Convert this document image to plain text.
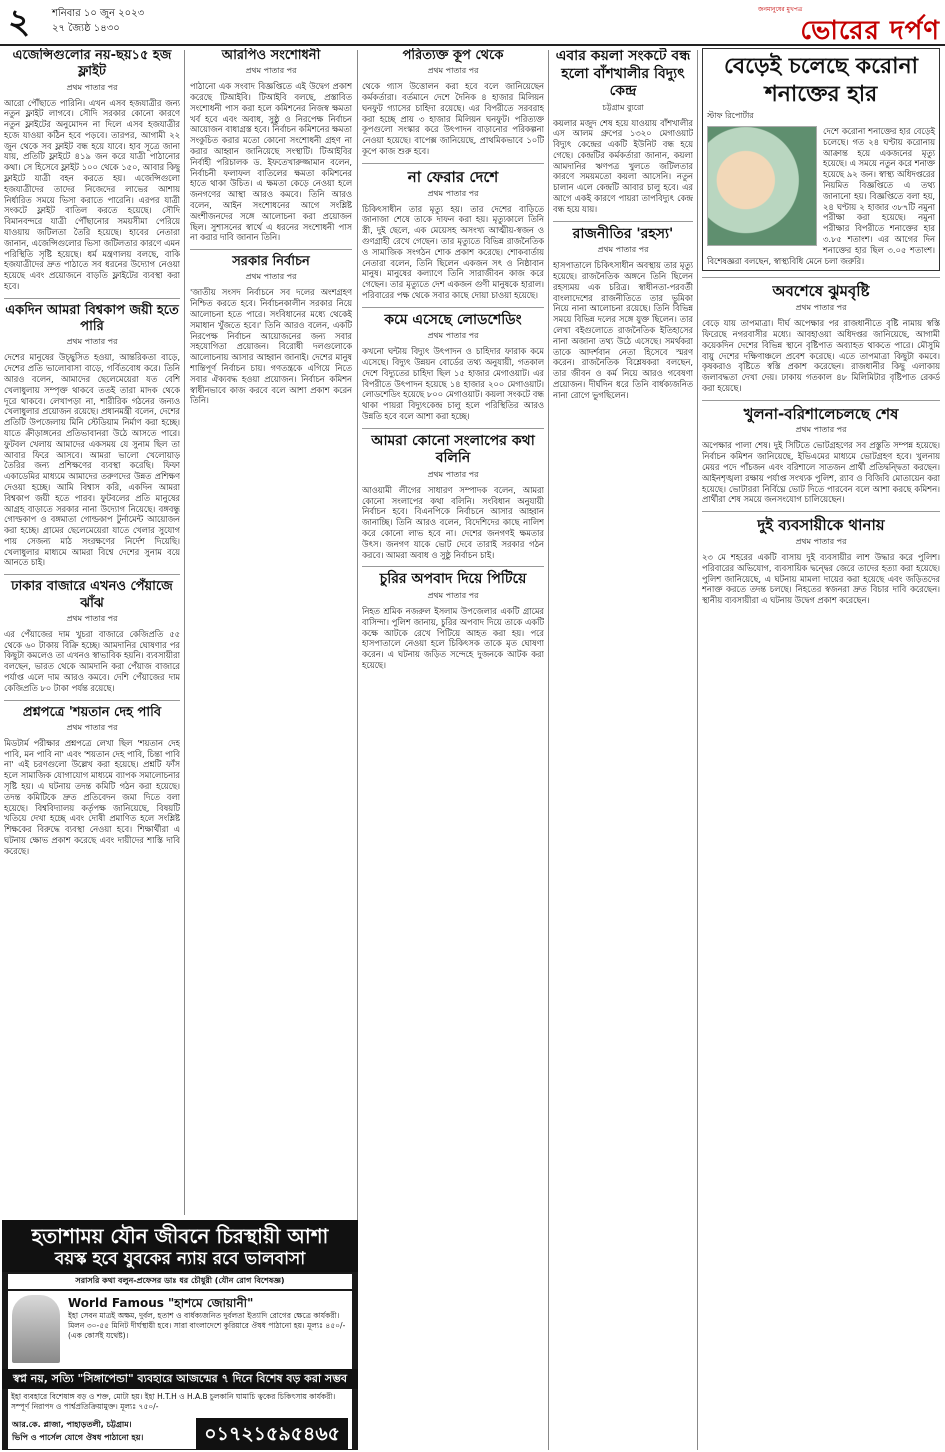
২ শনিবার ১০ জুন ২০২৩
২৭ জ্যৈষ্ঠ ১৪৩০
জনমানুষের মুখপত্র
ভোরের দর্পণ
এজেন্সিগুলোর নয়-ছয়১৫ হজ ফ্লাইট
প্রথম পাতার পর
আরো পৌঁছাতে পারিনি। এখন এসব হজযাত্রীর জন্য নতুন ফ্লাইট লাগবে। সৌদি সরকার কোনো কারণে নতুন ফ্লাইটের অনুমোদন না দিলে এসব হজযাত্রীর হজে যাওয়া কঠিন হবে পড়বে। তারপর, আগামী ২২ জুন থেকে সব ফ্লাইট বন্ধ হয়ে যাবে। হাব সূত্রে জানা যায়, প্রতিটি ফ্লাইটে ৪১৯ জন করে যাত্রী পাঠানোর কথা। সে হিসেবে ফ্লাইট ১০০ থেকে ১৫০, আবার কিছু ফ্লাইটে যাত্রী বহন করতে হয়। এজেন্সিগুলো হজযাত্রীদের তাদের নিজেদের লাভের আশায় নির্ধারিত সময়ে ভিসা করাতে পারেনি। এরপর যাত্রী সংকটে ফ্লাইট বাতিল করতে হয়েছে। সৌদি বিমানবন্দরে যাত্রী পৌঁছানোর সময়সীমা পেরিয়ে যাওয়ায় জটিলতা তৈরি হয়েছে। হাবের নেতারা জানান, এজেন্সিগুলোর ভিসা জটিলতার কারণে এমন পরিস্থিতি সৃষ্টি হয়েছে। ধর্ম মন্ত্রণালয় বলছে, বাকি হজযাত্রীদের দ্রুত পাঠাতে সব ধরনের উদ্যোগ নেওয়া হয়েছে এবং প্রয়োজনে বাড়তি ফ্লাইটের ব্যবস্থা করা হবে।
একদিন আমরা বিশ্বকাপ জয়ী হতে পারি
প্রথম পাতার পর
দেশের মানুষের উচ্ছ্বসিত হওয়া, আন্তরিকতা বাড়ে, দেশের প্রতি ভালোবাসা বাড়ে, গর্বিতবোধ করে। তিনি আরও বলেন, আমাদের ছেলেমেয়েরা যত বেশি খেলাধুলায় সম্পৃক্ত থাকবে ততই তারা মাদক থেকে দূরে থাকবে। লেখাপড়া না, শারীরিক গঠনের জন্যও খেলাধুলার প্রয়োজন রয়েছে। প্রধানমন্ত্রী বলেন, দেশের প্রতিটি উপজেলায় মিনি স্টেডিয়াম নির্মাণ করা হচ্ছে। যাতে ক্রীড়াঙ্গনের প্রতিভাবানরা উঠে আসতে পারে। ফুটবল খেলায় আমাদের একসময় যে সুনাম ছিল তা আবার ফিরে আসবে। আমরা ভালো খেলোয়াড় তৈরির জন্য প্রশিক্ষণের ব্যবস্থা করেছি। ফিফা একাডেমির মাধ্যমে আমাদের তরুণদের উন্নত প্রশিক্ষণ দেওয়া হচ্ছে। আমি বিশ্বাস করি, একদিন আমরা বিশ্বকাপ জয়ী হতে পারব। ফুটবলের প্রতি মানুষের আগ্রহ বাড়াতে সরকার নানা উদ্যোগ নিয়েছে। বঙ্গবন্ধু গোল্ডকাপ ও বঙ্গমাতা গোল্ডকাপ টুর্নামেন্ট আয়োজন করা হচ্ছে। গ্রামের ছেলেমেয়েরা যাতে খেলার সুযোগ পায় সেজন্য মাঠ সংরক্ষণের নির্দেশ দিয়েছি। খেলাধুলার মাধ্যমে আমরা বিশ্বে দেশের সুনাম বয়ে আনতে চাই।
ঢাকার বাজারে এখনও পেঁয়াজে ঝাঁঝ
প্রথম পাতার পর
এর পেঁয়াজের দাম খুচরা বাজারে কেজিপ্রতি ৫৫ থেকে ৬০ টাকায় বিক্রি হচ্ছে। আমদানির ঘোষণার পর কিছুটা কমলেও তা এখনও স্বাভাবিক হয়নি। ব্যবসায়ীরা বলছেন, ভারত থেকে আমদানি করা পেঁয়াজ বাজারে পর্যাপ্ত এলে দাম আরও কমবে। দেশি পেঁয়াজের দাম কেজিপ্রতি ৮০ টাকা পর্যন্ত রয়েছে।
প্রশ্নপত্রে 'শয়তান দেহ পাবি
প্রথম পাতার পর
মিডটার্ম পরীক্ষার প্রশ্নপত্রে লেখা ছিল 'শয়তান দেহ পাবি, মন পাবি না' এবং 'শয়তান দেহ পাবি, চিন্তা পাবি না' এই চরণগুলো উল্লেখ করা হয়েছে। প্রশ্নটি ফাঁস হলে সামাজিক যোগাযোগ মাধ্যমে ব্যাপক সমালোচনার সৃষ্টি হয়। এ ঘটনায় তদন্ত কমিটি গঠন করা হয়েছে। তদন্ত কমিটিকে দ্রুত প্রতিবেদন জমা দিতে বলা হয়েছে। বিশ্ববিদ্যালয় কর্তৃপক্ষ জানিয়েছে, বিষয়টি খতিয়ে দেখা হচ্ছে এবং দোষী প্রমাণিত হলে সংশ্লিষ্ট শিক্ষকের বিরুদ্ধে ব্যবস্থা নেওয়া হবে। শিক্ষার্থীরা এ ঘটনায় ক্ষোভ প্রকাশ করেছে এবং দায়ীদের শাস্তি দাবি করেছে।
আরপিও সংশোধনী
প্রথম পাতার পর
পাঠানো এক সংবাদ বিজ্ঞপ্তিতে এই উদ্বেগ প্রকাশ করেছে টিআইবি। টিআইবি বলছে, প্রস্তাবিত সংশোধনী পাস করা হলে কমিশনের নিজস্ব ক্ষমতা খর্ব হবে এবং অবাধ, সুষ্ঠু ও নিরপেক্ষ নির্বাচন আয়োজন বাধাগ্রস্ত হবে। নির্বাচন কমিশনের ক্ষমতা সংকুচিত করার মতো কোনো সংশোধনী গ্রহণ না করার আহ্বান জানিয়েছে সংস্থাটি। টিআইবির নির্বাহী পরিচালক ড. ইফতেখারুজ্জামান বলেন, নির্বাচনী ফলাফল বাতিলের ক্ষমতা কমিশনের হাতে থাকা উচিত। এ ক্ষমতা কেড়ে নেওয়া হলে জনগণের আস্থা আরও কমবে। তিনি আরও বলেন, আইন সংশোধনের আগে সংশ্লিষ্ট অংশীজনদের সঙ্গে আলোচনা করা প্রয়োজন ছিল। সুশাসনের স্বার্থে এ ধরনের সংশোধনী পাস না করার দাবি জানান তিনি।
সরকার নির্বাচন
প্রথম পাতার পর
'জাতীয় সংসদ নির্বাচনে সব দলের অংশগ্রহণ নিশ্চিত করতে হবে। নির্বাচনকালীন সরকার নিয়ে আলোচনা হতে পারে। সংবিধানের মধ্যে থেকেই সমাধান খুঁজতে হবে।' তিনি আরও বলেন, একটি নিরপেক্ষ নির্বাচন আয়োজনের জন্য সবার সহযোগিতা প্রয়োজন। বিরোধী দলগুলোকে আলোচনায় আসার আহ্বান জানাই। দেশের মানুষ শান্তিপূর্ণ নির্বাচন চায়। গণতন্ত্রকে এগিয়ে নিতে সবার ঐক্যবদ্ধ হওয়া প্রয়োজন। নির্বাচন কমিশন স্বাধীনভাবে কাজ করবে বলে আশা প্রকাশ করেন তিনি।
হতাশাময় যৌন জীবনে চিরস্থায়ী আশা
বয়স্ক হবে যুবকের ন্যায় রবে ভালবাসা
সরাসরি কথা বলুন-প্রফেসর ডাঃ ধর চৌধুরী (যৌন রোগ বিশেষজ্ঞ)
World Famous "হাশমে জোয়ানী"
ইহা সেবন মাত্রই অক্ষম, দুর্বল, হতাশ ও বার্ধক্যজনিত দুর্বলতা ইত্যাদি রোগের ক্ষেত্রে কার্যকরী। মিলন ৩০-৫৫ মিনিট দীর্ঘস্থায়ী হবে। সারা বাংলাদেশে কুরিয়ারে ঔষধ পাঠানো হয়। মূল্যঃ ৪৫০/- (এক কোর্সই যথেষ্ট)।
স্বপ্ন নয়, সত্যি "সিঙ্গাপেন্ডা" ব্যবহারে আজন্মের ৭ দিনে বিশেষ বড় করা সম্ভব
ইহা ব্যবহারে বিশেষাঙ্গ বড় ও শক্ত, মোটা হয়। ইহা H.T.H ও H.A.B চুলকানি ঘামাচি ত্বকের চিকিৎসায় কার্যকরী। সম্পূর্ণ নিরাপদ ও পার্শ্বপ্রতিক্রিয়ামুক্ত। মূল্যঃ ৭৫০/-
আর.কে. প্লাজা, পাহাড়তলী, চট্টগ্রাম।
ভিপি ও পার্সেল যোগে ঔষধ পাঠানো হয়।	০১৭২১৫৯৫৪৬৫
পরিত্যক্ত কূপ থেকে
প্রথম পাতার পর
থেকে গ্যাস উত্তোলন করা হবে বলে জানিয়েছেন কর্মকর্তারা। বর্তমানে দেশে দৈনিক ৪ হাজার মিলিয়ন ঘনফুট গ্যাসের চাহিদা রয়েছে। এর বিপরীতে সরবরাহ করা হচ্ছে প্রায় ৩ হাজার মিলিয়ন ঘনফুট। পরিত্যক্ত কূপগুলো সংস্কার করে উৎপাদন বাড়ানোর পরিকল্পনা নেওয়া হয়েছে। বাপেক্স জানিয়েছে, প্রাথমিকভাবে ১০টি কূপে কাজ শুরু হবে।
না ফেরার দেশে
প্রথম পাতার পর
চিকিৎসাধীন তার মৃত্যু হয়। তার দেশের বাড়িতে জানাজা শেষে তাকে দাফন করা হয়। মৃত্যুকালে তিনি স্ত্রী, দুই ছেলে, এক মেয়েসহ অসংখ্য আত্মীয়-স্বজন ও গুণগ্রাহী রেখে গেছেন। তার মৃত্যুতে বিভিন্ন রাজনৈতিক ও সামাজিক সংগঠন শোক প্রকাশ করেছে। শোকবার্তায় নেতারা বলেন, তিনি ছিলেন একজন সৎ ও নিষ্ঠাবান মানুষ। মানুষের কল্যাণে তিনি সারাজীবন কাজ করে গেছেন। তার মৃত্যুতে দেশ একজন গুণী মানুষকে হারাল। পরিবারের পক্ষ থেকে সবার কাছে দোয়া চাওয়া হয়েছে।
কমে এসেছে লোডশেডিং
প্রথম পাতার পর
কখনো ঘন্টায় বিদ্যুৎ উৎপাদন ও চাহিদার ফারাক কমে এসেছে। বিদ্যুৎ উন্নয়ন বোর্ডের তথ্য অনুযায়ী, গতকাল দেশে বিদ্যুতের চাহিদা ছিল ১৫ হাজার মেগাওয়াট। এর বিপরীতে উৎপাদন হয়েছে ১৪ হাজার ২০০ মেগাওয়াট। লোডশেডিং হয়েছে ৮০০ মেগাওয়াট। কয়লা সংকটে বন্ধ থাকা পায়রা বিদ্যুৎকেন্দ্র চালু হলে পরিস্থিতির আরও উন্নতি হবে বলে আশা করা হচ্ছে।
আমরা কোনো সংলাপের কথা বলিনি
প্রথম পাতার পর
আওয়ামী লীগের সাধারণ সম্পাদক বলেন, আমরা কোনো সংলাপের কথা বলিনি। সংবিধান অনুযায়ী নির্বাচন হবে। বিএনপিকে নির্বাচনে আসার আহ্বান জানাচ্ছি। তিনি আরও বলেন, বিদেশিদের কাছে নালিশ করে কোনো লাভ হবে না। দেশের জনগণই ক্ষমতার উৎস। জনগণ যাকে ভোট দেবে তারাই সরকার গঠন করবে। আমরা অবাধ ও সুষ্ঠু নির্বাচন চাই।
চুরির অপবাদ দিয়ে পিটিয়ে
প্রথম পাতার পর
নিহত শ্রমিক নজরুল ইসলাম উপজেলার একটি গ্রামের বাসিন্দা। পুলিশ জানায়, চুরির অপবাদ দিয়ে তাকে একটি কক্ষে আটকে রেখে পিটিয়ে আহত করা হয়। পরে হাসপাতালে নেওয়া হলে চিকিৎসক তাকে মৃত ঘোষণা করেন। এ ঘটনায় জড়িত সন্দেহে দুজনকে আটক করা হয়েছে।
এবার কয়লা সংকটে বন্ধ হলো বাঁশখালীর বিদ্যুৎ কেন্দ্র
চট্টগ্রাম ব্যুরো
কয়লার মজুদ শেষ হয়ে যাওয়ায় বাঁশখালীর এস আলম গ্রুপের ১৩২০ মেগাওয়াট বিদ্যুৎ কেন্দ্রের একটি ইউনিট বন্ধ হয়ে গেছে। কেন্দ্রটির কর্মকর্তারা জানান, কয়লা আমদানির ঋণপত্র খুলতে জটিলতার কারণে সময়মতো কয়লা আসেনি। নতুন চালান এলে কেন্দ্রটি আবার চালু হবে। এর আগে একই কারণে পায়রা তাপবিদ্যুৎ কেন্দ্র বন্ধ হয়ে যায়।
রাজনীতির 'রহস্য'
প্রথম পাতার পর
হাসপাতালে চিকিৎসাধীন অবস্থায় তার মৃত্যু হয়েছে। রাজনৈতিক অঙ্গনে তিনি ছিলেন রহস্যময় এক চরিত্র। স্বাধীনতা-পরবর্তী বাংলাদেশের রাজনীতিতে তার ভূমিকা নিয়ে নানা আলোচনা রয়েছে। তিনি বিভিন্ন সময়ে বিভিন্ন দলের সঙ্গে যুক্ত ছিলেন। তার লেখা বইগুলোতে রাজনৈতিক ইতিহাসের নানা অজানা তথ্য উঠে এসেছে। সমর্থকরা তাকে আদর্শবান নেতা হিসেবে স্মরণ করেন। রাজনৈতিক বিশ্লেষকরা বলছেন, তার জীবন ও কর্ম নিয়ে আরও গবেষণা প্রয়োজন। দীর্ঘদিন ধরে তিনি বার্ধক্যজনিত নানা রোগে ভুগছিলেন।
বেড়েই চলেছে করোনা
শনাক্তের হার
স্টাফ রিপোর্টার
দেশে করোনা শনাক্তের হার বেড়েই চলেছে। গত ২৪ ঘণ্টায় করোনায় আক্রান্ত হয়ে একজনের মৃত্যু হয়েছে। এ সময়ে নতুন করে শনাক্ত হয়েছে ৯২ জন। স্বাস্থ্য অধিদপ্তরের নিয়মিত বিজ্ঞপ্তিতে এ তথ্য জানানো হয়। বিজ্ঞপ্তিতে বলা হয়, ২৪ ঘণ্টায় ২ হাজার ৩৮৭টি নমুনা পরীক্ষা করা হয়েছে। নমুনা পরীক্ষার বিপরীতে শনাক্তের হার ৩.৮৫ শতাংশ। এর আগের দিন শনাক্তের হার ছিল ৩.০৫ শতাংশ। বিশেষজ্ঞরা বলছেন, স্বাস্থ্যবিধি মেনে চলা জরুরি।
অবশেষে ঝুমবৃষ্টি
প্রথম পাতার পর
বেড়ে যায় তাপমাত্রা। দীর্ঘ অপেক্ষার পর রাজধানীতে বৃষ্টি নামায় স্বস্তি ফিরেছে নগরবাসীর মধ্যে। আবহাওয়া অধিদপ্তর জানিয়েছে, আগামী কয়েকদিন দেশের বিভিন্ন স্থানে বৃষ্টিপাত অব্যাহত থাকতে পারে। মৌসুমি বায়ু দেশের দক্ষিণাঞ্চলে প্রবেশ করেছে। এতে তাপমাত্রা কিছুটা কমবে। কৃষকরাও বৃষ্টিতে স্বস্তি প্রকাশ করেছেন। রাজধানীর কিছু এলাকায় জলাবদ্ধতা দেখা দেয়। ঢাকায় গতকাল ৪৮ মিলিমিটার বৃষ্টিপাত রেকর্ড করা হয়েছে।
খুলনা-বরিশালেচলছে শেষ
প্রথম পাতার পর
অপেক্ষার পালা শেষ। দুই সিটিতে ভোটগ্রহণের সব প্রস্তুতি সম্পন্ন হয়েছে। নির্বাচন কমিশন জানিয়েছে, ইভিএমের মাধ্যমে ভোটগ্রহণ হবে। খুলনায় মেয়র পদে পাঁচজন এবং বরিশালে সাতজন প্রার্থী প্রতিদ্বন্দ্বিতা করছেন। আইনশৃঙ্খলা রক্ষায় পর্যাপ্ত সংখ্যক পুলিশ, র‌্যাব ও বিজিবি মোতায়েন করা হয়েছে। ভোটাররা নির্বিঘ্নে ভোট দিতে পারবেন বলে আশা করছে কমিশন। প্রার্থীরা শেষ সময়ে জনসংযোগ চালিয়েছেন।
দুই ব্যবসায়ীকে থানায়
প্রথম পাতার পর
২৩ মে শহরের একটি বাসায় দুই ব্যবসায়ীর লাশ উদ্ধার করে পুলিশ। পরিবারের অভিযোগ, ব্যবসায়িক দ্বন্দ্বের জেরে তাদের হত্যা করা হয়েছে। পুলিশ জানিয়েছে, এ ঘটনায় মামলা দায়ের করা হয়েছে এবং জড়িতদের শনাক্ত করতে তদন্ত চলছে। নিহতের স্বজনরা দ্রুত বিচার দাবি করেছেন। স্থানীয় ব্যবসায়ীরা এ ঘটনায় উদ্বেগ প্রকাশ করেছেন।
